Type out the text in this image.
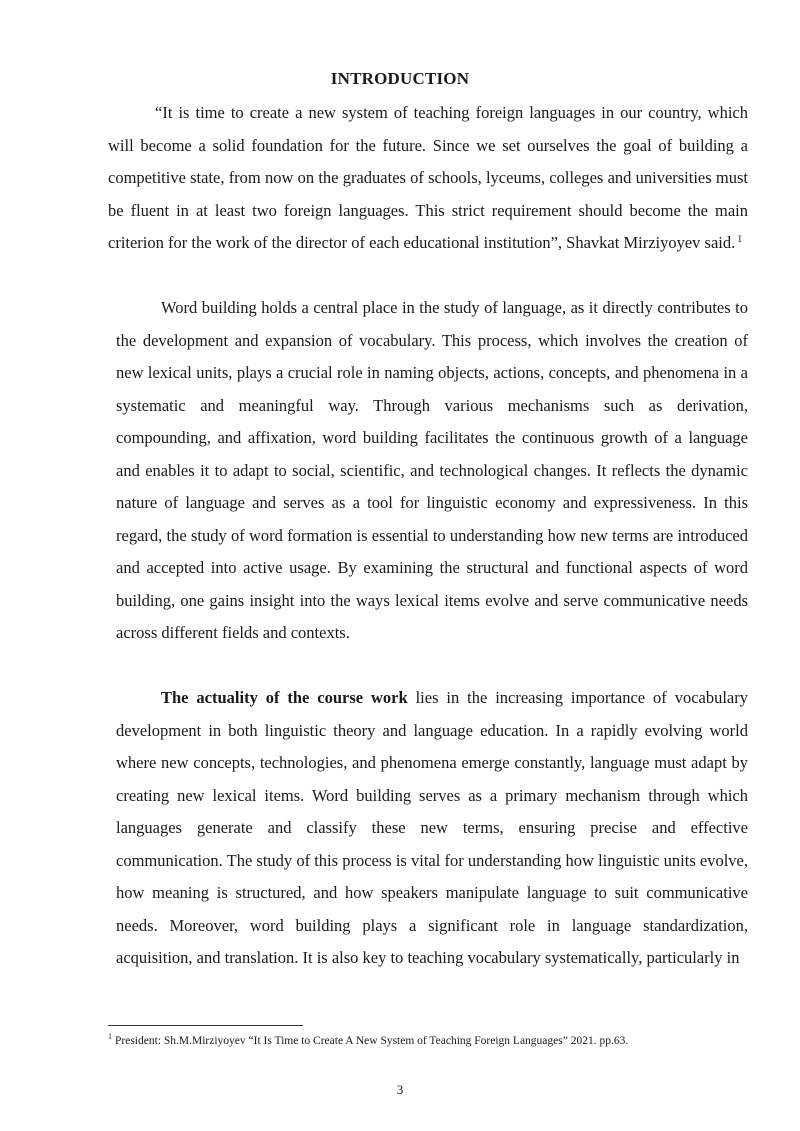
INTRODUCTION

“It is time to create a new system of teaching foreign languages in our country, which will become a solid foundation for the future. Since we set ourselves the goal of building a competitive state, from now on the graduates of schools, lyceums, colleges and universities must be fluent in at least two foreign languages. This strict requirement should become the main criterion for the work of the director of each educational institution”, Shavkat Mirziyoyev said. $^1$

Word building holds a central place in the study of language, as it directly contributes to the development and expansion of vocabulary. This process, which involves the creation of new lexical units, plays a crucial role in naming objects, actions, concepts, and phenomena in a systematic and meaningful way. Through various mechanisms such as derivation, compounding, and affixation, word building facilitates the continuous growth of a language and enables it to adapt to social, scientific, and technological changes. It reflects the dynamic nature of language and serves as a tool for linguistic economy and expressiveness. In this regard, the study of word formation is essential to understanding how new terms are introduced and accepted into active usage. By examining the structural and functional aspects of word building, one gains insight into the ways lexical items evolve and serve communicative needs across different fields and contexts.

The actuality of the course work lies in the increasing importance of vocabulary development in both linguistic theory and language education. In a rapidly evolving world where new concepts, technologies, and phenomena emerge constantly, language must adapt by creating new lexical items. Word building serves as a primary mechanism through which languages generate and classify these new terms, ensuring precise and effective communication. The study of this process is vital for understanding how linguistic units evolve, how meaning is structured, and how speakers manipulate language to suit communicative needs. Moreover, word building plays a significant role in language standardization, acquisition, and translation. It is also key to teaching vocabulary systematically, particularly in

$^1$ President: Sh.M.Mirziyoyev “It Is Time to Create A New System of Teaching Foreign Languages” 2021. pp.63.
3
